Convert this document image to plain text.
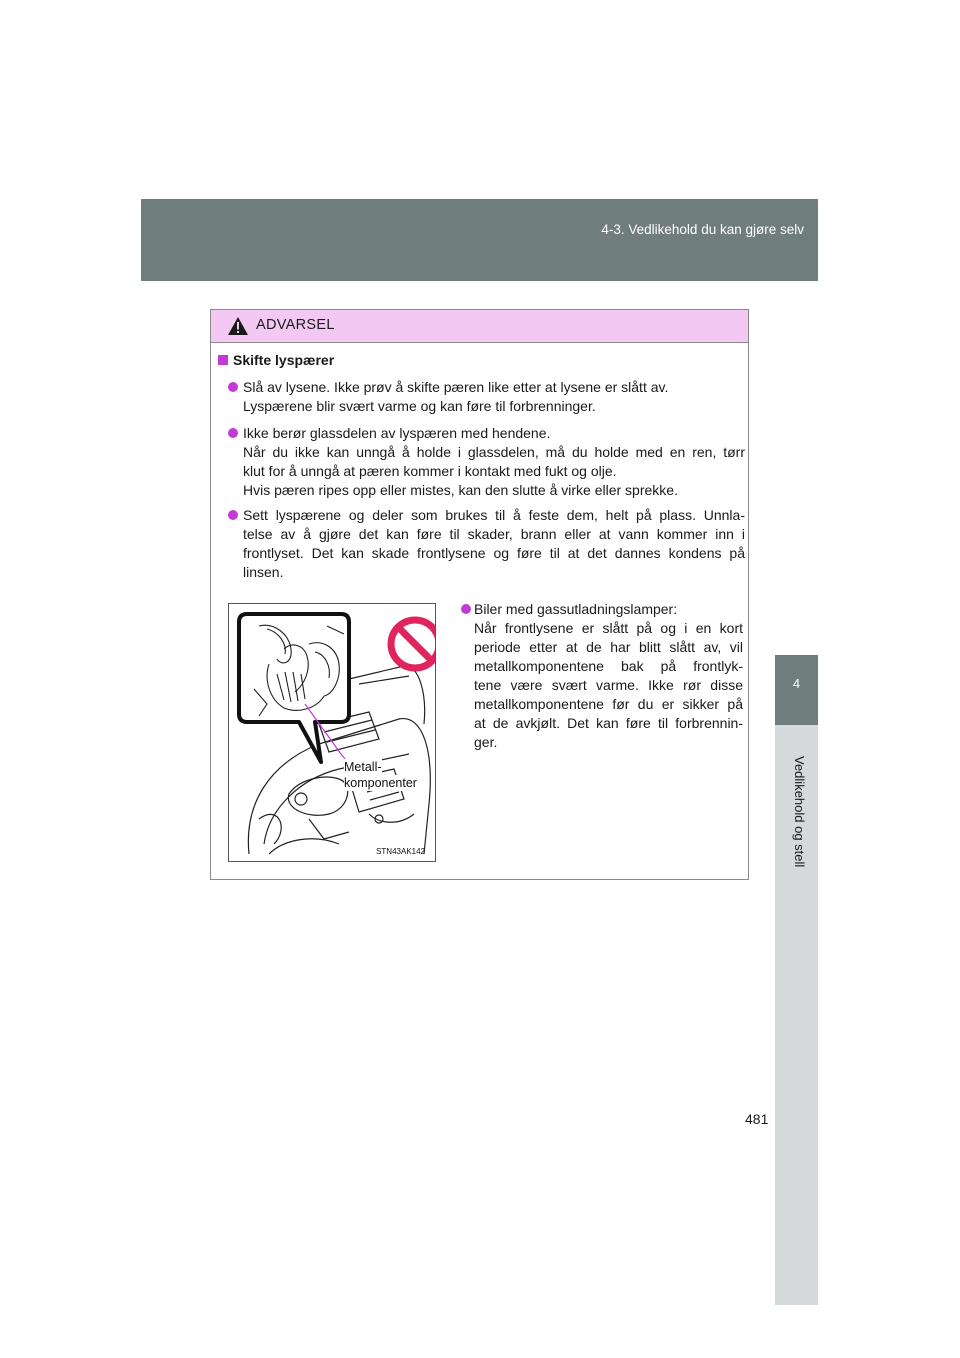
4-3. Vedlikehold du kan gjøre selv
4
Vedlikehold og stell
ADVARSEL
Skifte lyspærer
Slå av lysene. Ikke prøv å skifte pæren like etter at lysene er slått av.
Lyspærene blir svært varme og kan føre til forbrenninger.
Ikke berør glassdelen av lyspæren med hendene.
Når du ikke kan unngå å holde i glassdelen, må du holde med en ren, tørr
klut for å unngå at pæren kommer i kontakt med fukt og olje.
Hvis pæren ripes opp eller mistes, kan den slutte å virke eller sprekke.
Sett lyspærene og deler som brukes til å feste dem, helt på plass. Unnla-
telse av å gjøre det kan føre til skader, brann eller at vann kommer inn i
frontlyset. Det kan skade frontlysene og føre til at det dannes kondens på
linsen.
Metall-
komponenter
STN43AK142
Biler med gassutladningslamper:
Når frontlysene er slått på og i en kort
periode etter at de har blitt slått av, vil
metallkomponentene bak på frontlyk-
tene være svært varme. Ikke rør disse
metallkomponentene før du er sikker på
at de avkjølt. Det kan føre til forbrennin-
ger.
481
